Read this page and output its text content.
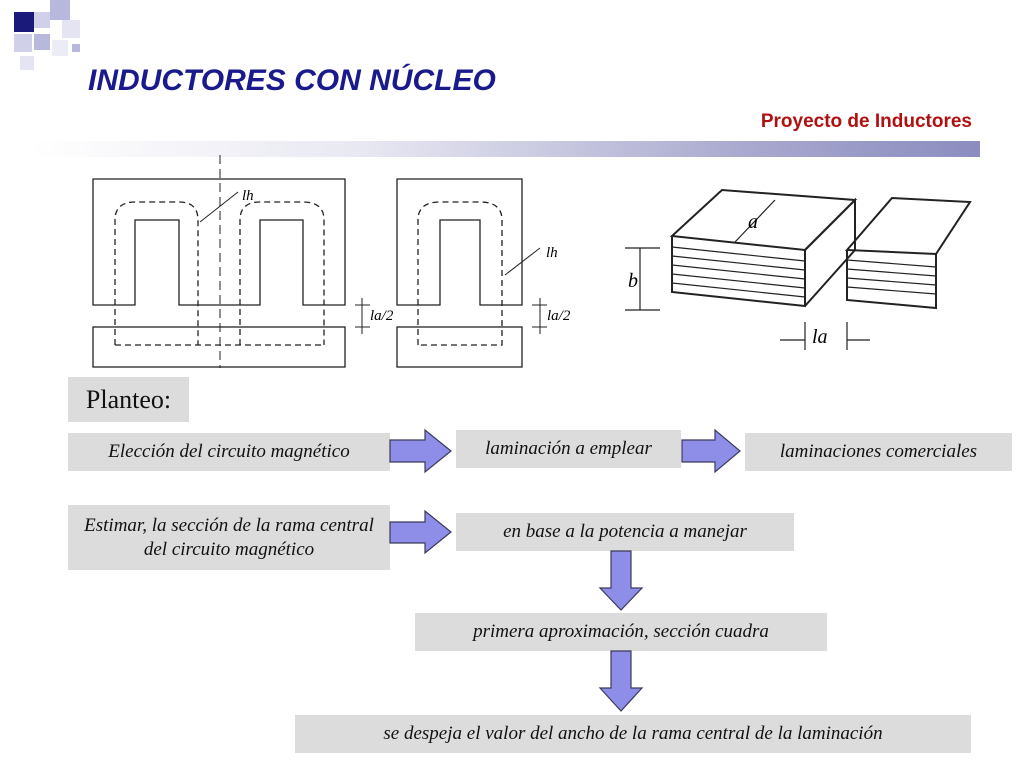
INDUCTORES CON NÚCLEO
Proyecto de Inductores
lh
la/2
lh
la/2
a
b
la
Planteo:
Elección del circuito magnético	laminación a emplear	laminaciones comerciales
Estimar, la sección de la rama central del circuito magnético
en base a la potencia a manejar
primera aproximación, sección cuadra
se despeja el valor del ancho de la rama central de la laminación
